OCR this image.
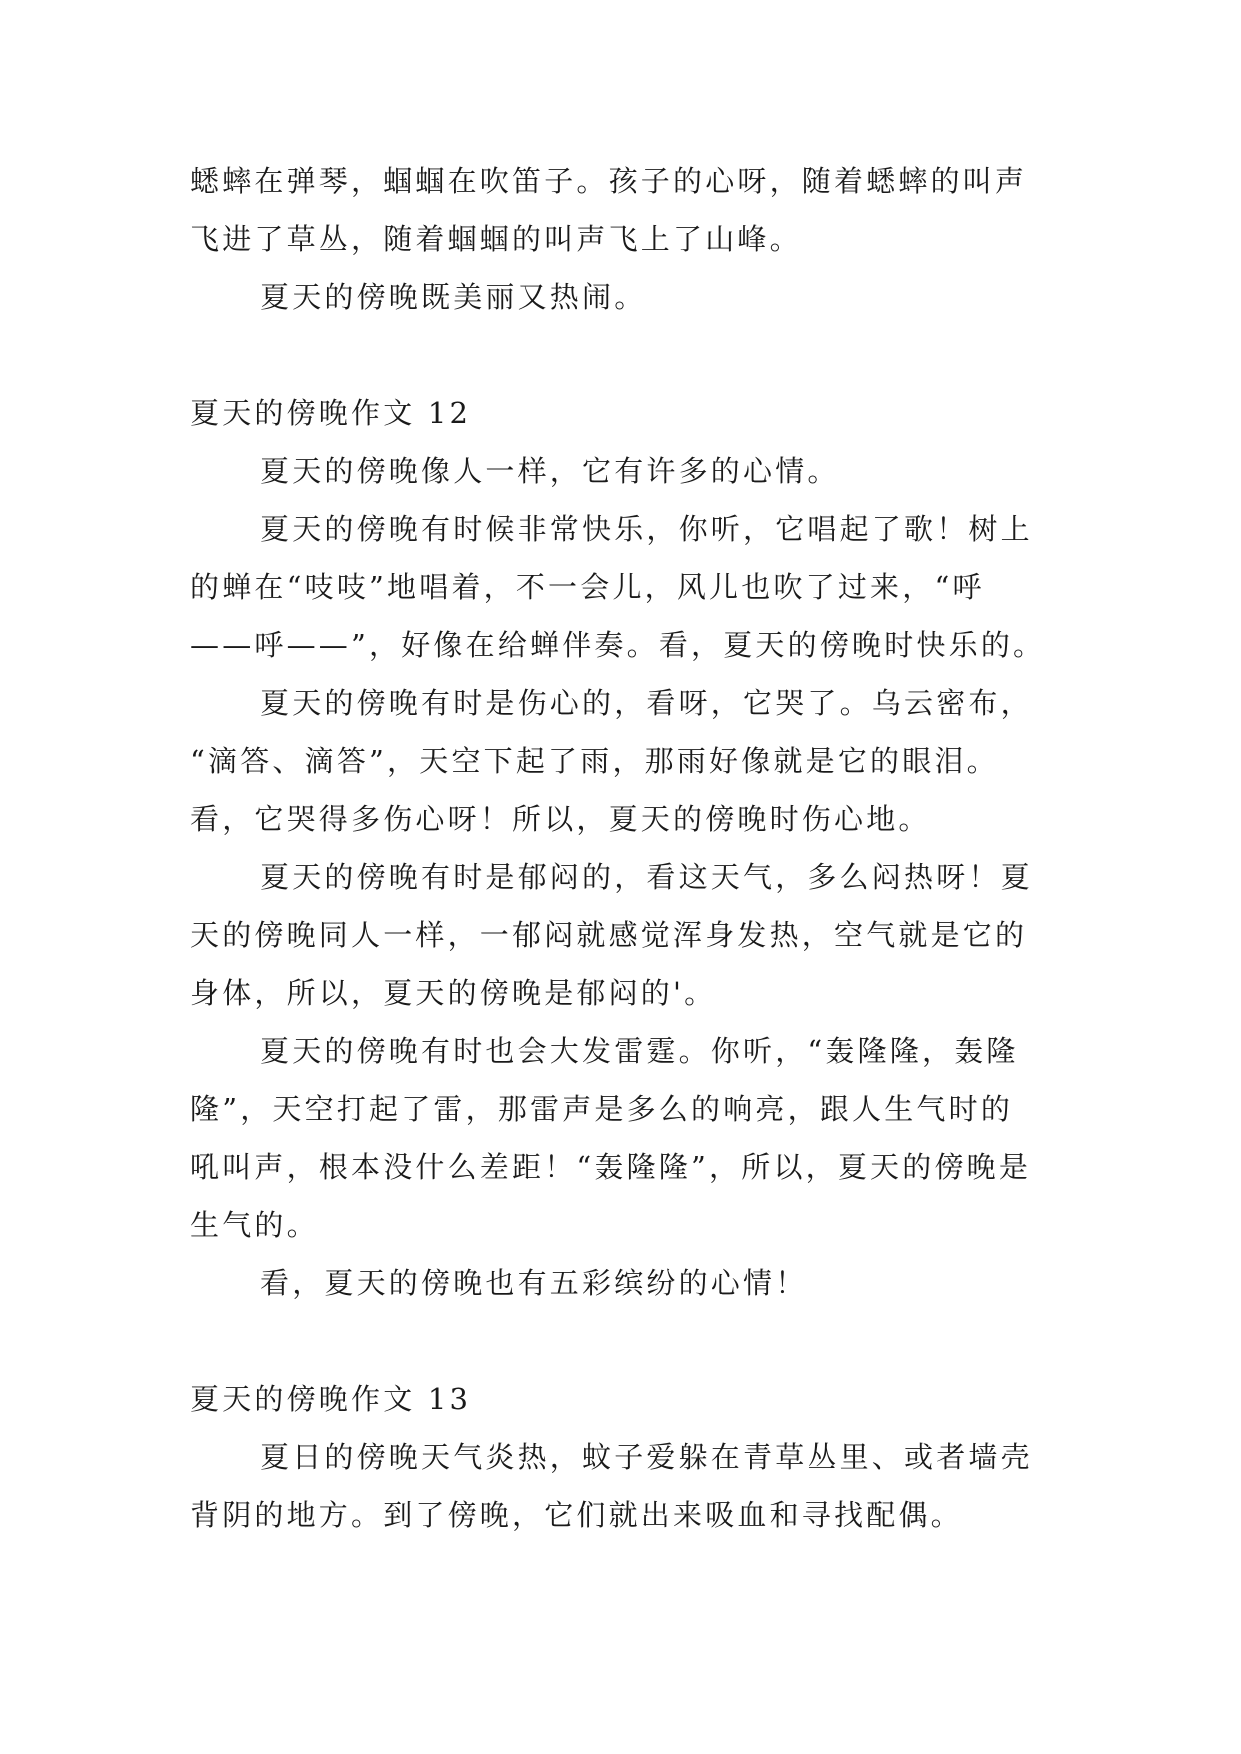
蟋蟀在弹琴，蝈蝈在吹笛子。孩子的心呀，随着蟋蟀的叫声
飞进了草丛，随着蝈蝈的叫声飞上了山峰。
夏天的傍晚既美丽又热闹。
夏天的傍晚作文 12
夏天的傍晚像人一样，它有许多的心情。
夏天的傍晚有时候非常快乐，你听，它唱起了歌！树上
的蝉在“吱吱”地唱着，不一会儿，风儿也吹了过来，“呼
——呼——”，好像在给蝉伴奏。看，夏天的傍晚时快乐的。
夏天的傍晚有时是伤心的，看呀，它哭了。乌云密布，
“滴答、滴答”，天空下起了雨，那雨好像就是它的眼泪。
看，它哭得多伤心呀！所以，夏天的傍晚时伤心地。
夏天的傍晚有时是郁闷的，看这天气，多么闷热呀！夏
天的傍晚同人一样，一郁闷就感觉浑身发热，空气就是它的
身体，所以，夏天的傍晚是郁闷的'。
夏天的傍晚有时也会大发雷霆。你听，“轰隆隆，轰隆
隆”，天空打起了雷，那雷声是多么的响亮，跟人生气时的
吼叫声，根本没什么差距！“轰隆隆”，所以，夏天的傍晚是
生气的。
看，夏天的傍晚也有五彩缤纷的心情！
夏天的傍晚作文 13
夏日的傍晚天气炎热，蚊子爱躲在青草丛里、或者墙壳
背阴的地方。到了傍晚，它们就出来吸血和寻找配偶。
